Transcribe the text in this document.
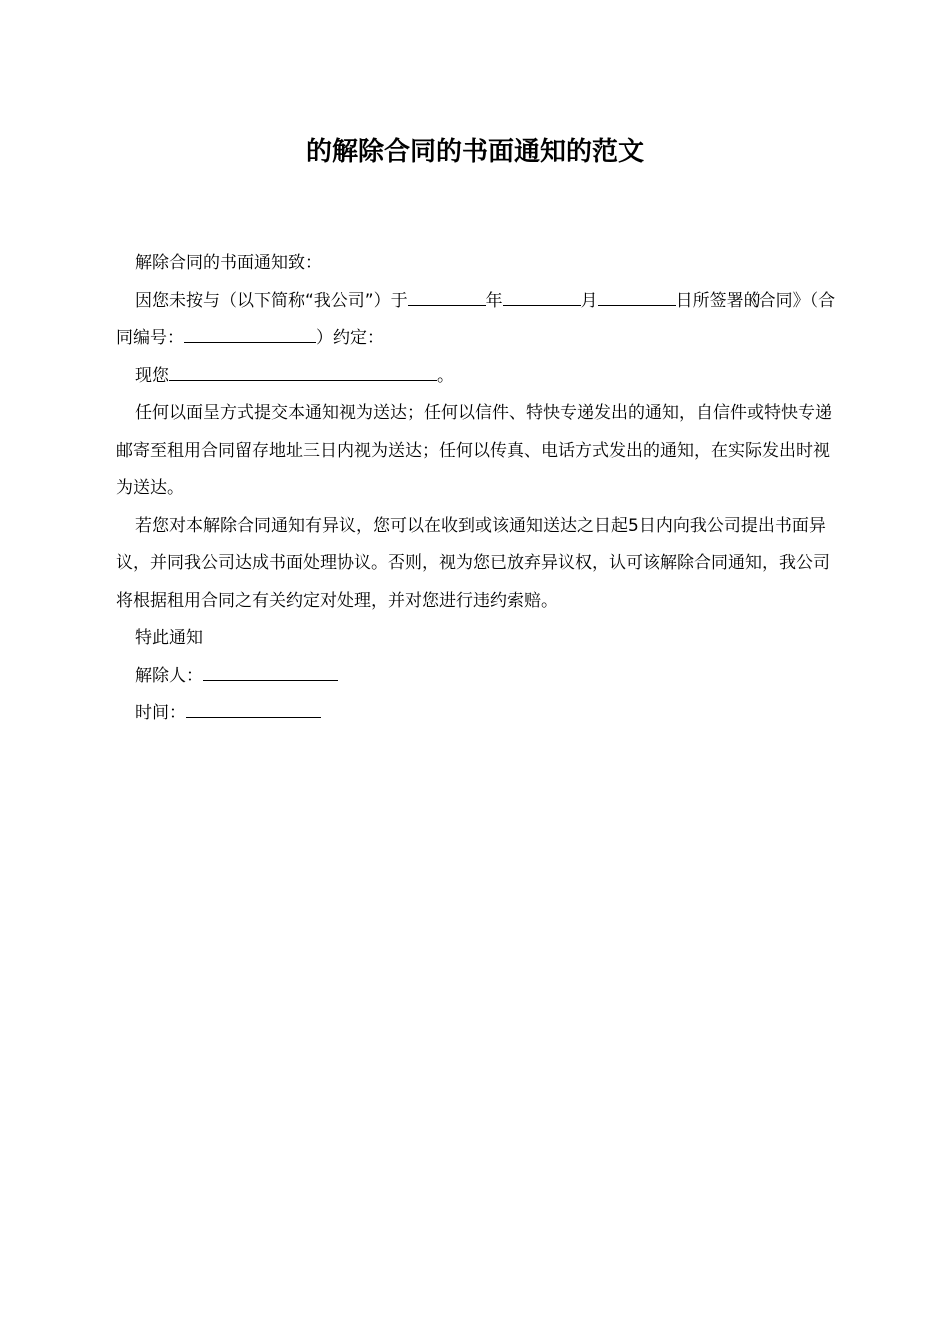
的解除合同的书面通知的范文

解除合同的书面通知致：

因您未按与（以下简称“我公司”）于	年	月	日所签署的《合同》（合同编号：	）约定：

现您	。

任何以面呈方式提交本通知视为送达；任何以信件、特快专递发出的通知，自信件或特快专递邮寄至租用合同留存地址三日内视为送达；任何以传真、电话方式发出的通知，在实际发出时视为送达。

若您对本解除合同通知有异议，您可以在收到或该通知送达之日起5日内向我公司提出书面异议，并同我公司达成书面处理协议。否则，视为您已放弃异议权，认可该解除合同通知，我公司将根据租用合同之有关约定对处理，并对您进行违约索赔。

特此通知

解除人：

时间：
